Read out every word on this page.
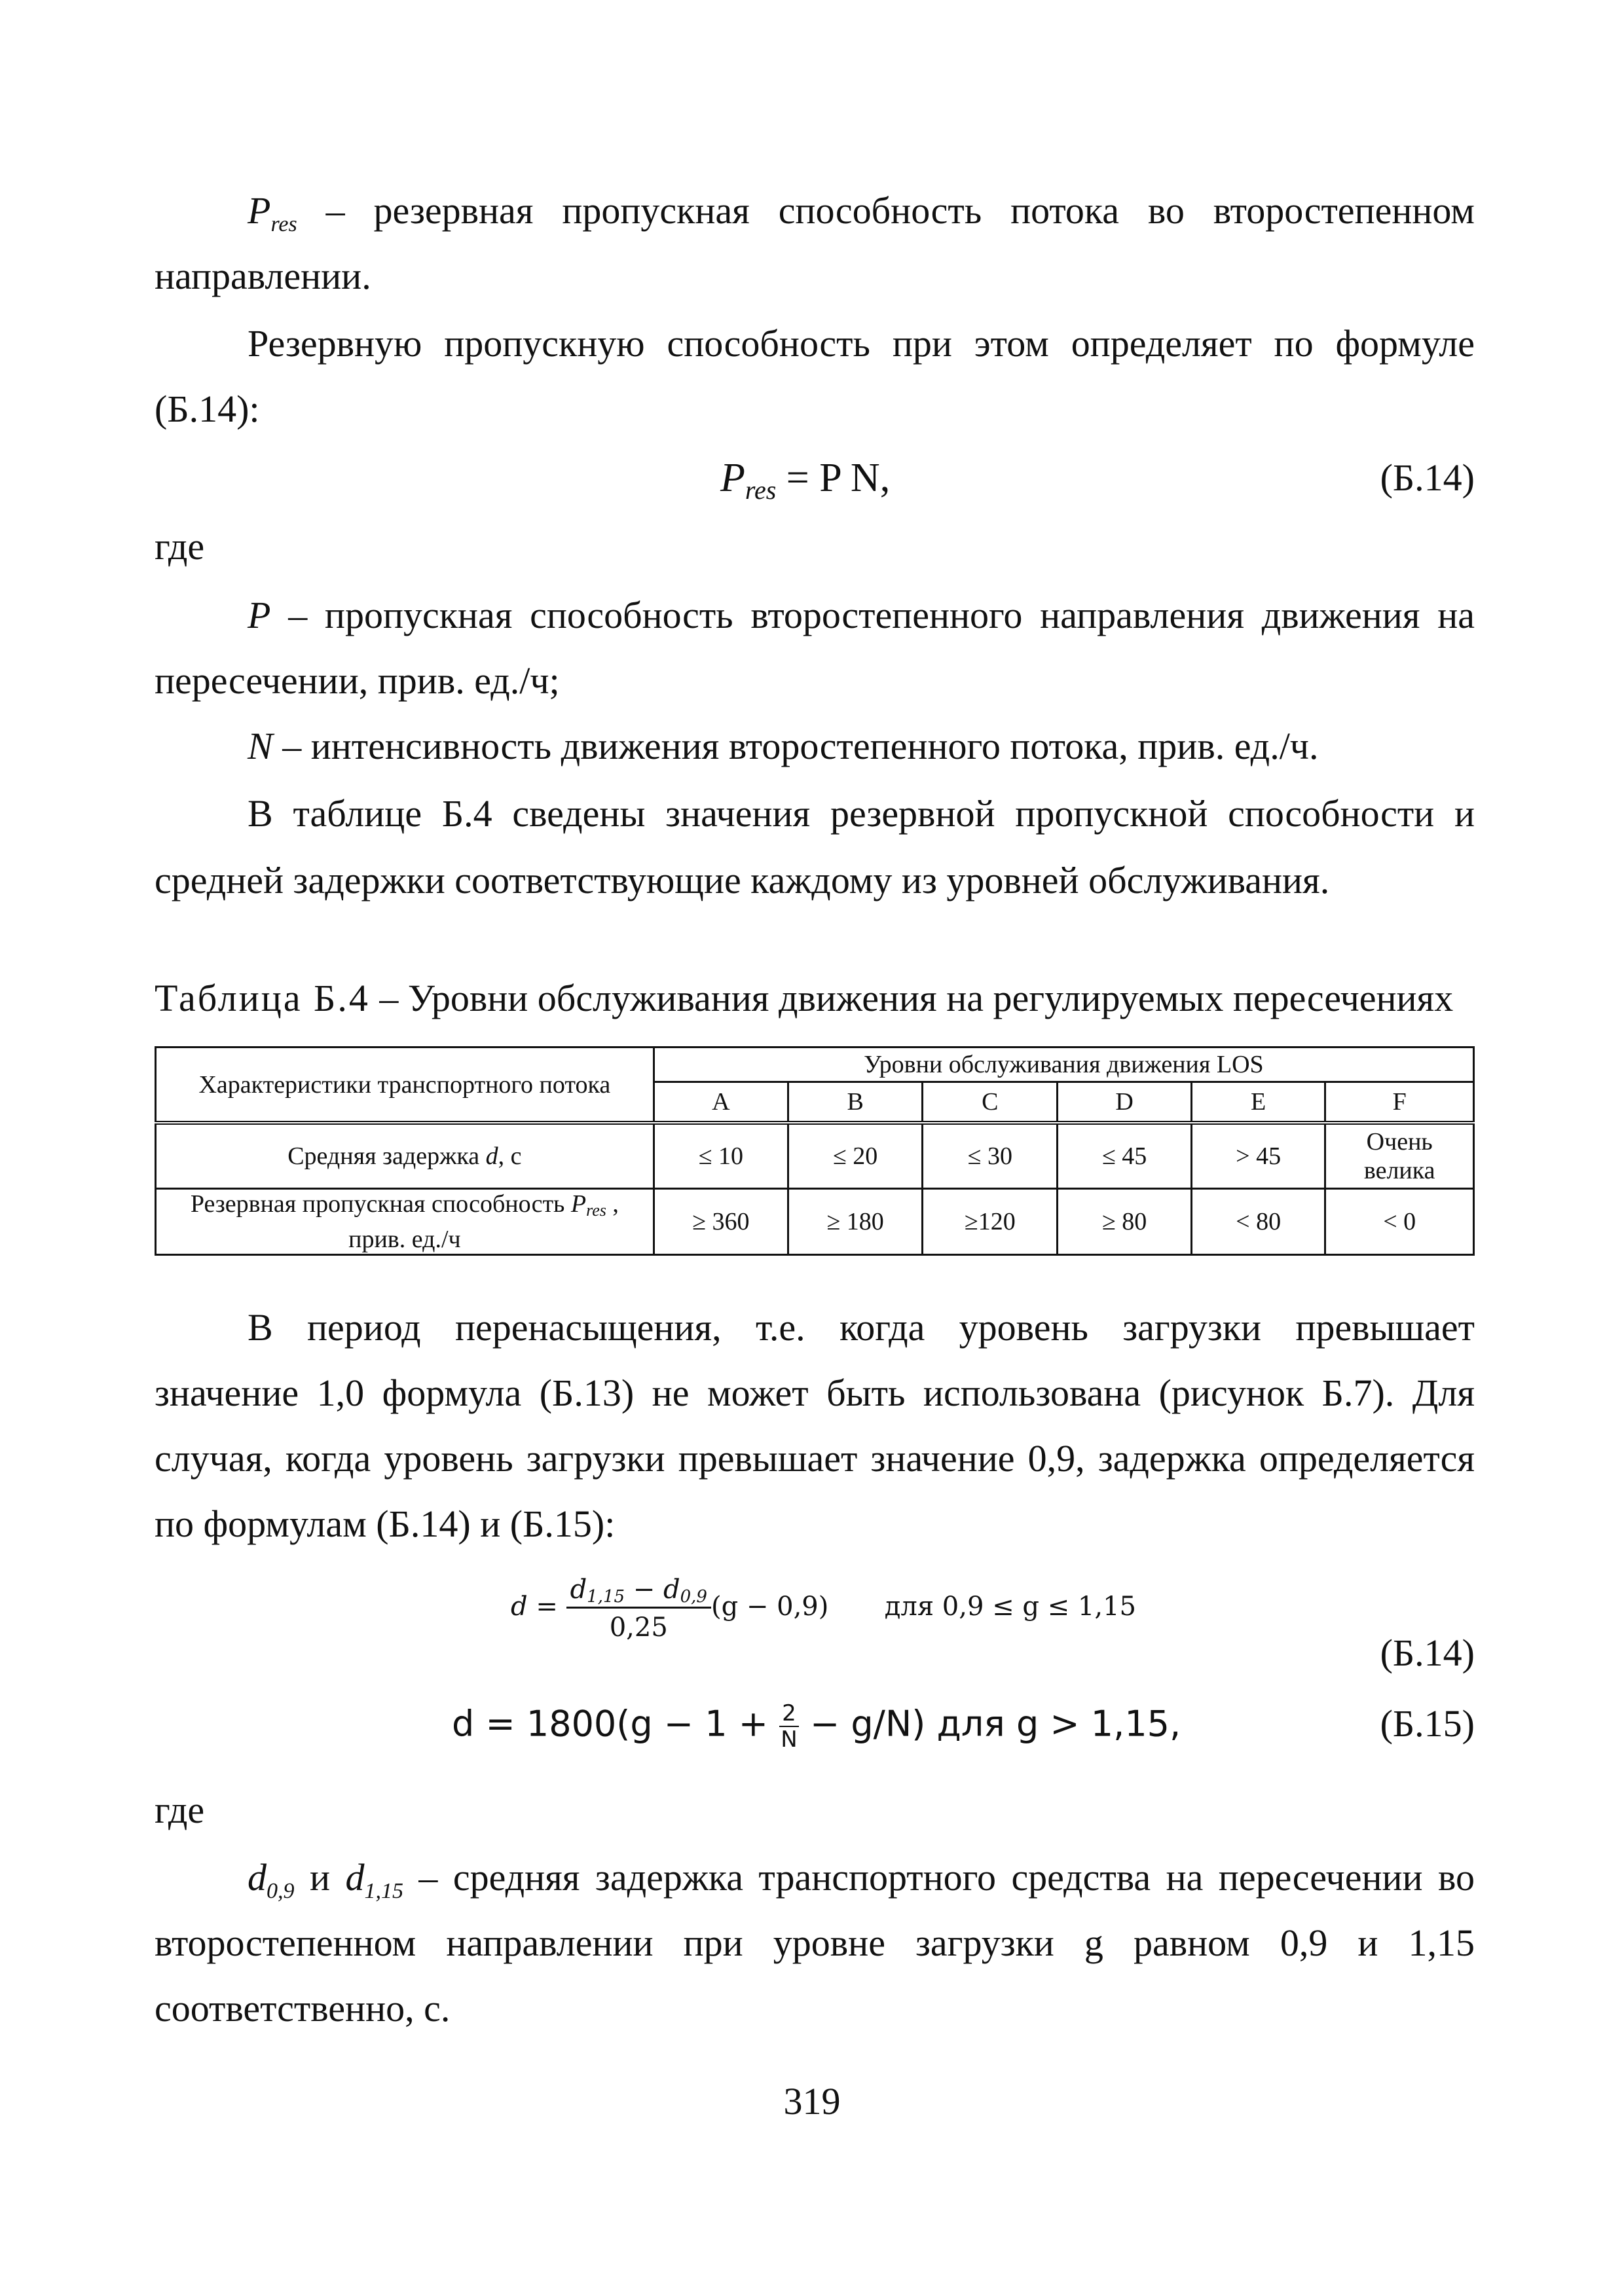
$P_{res}$ – резервная пропускная способность потока во второстепенном
направлении.
Резервную пропускную способность при этом определяет по формуле
(Б.14):
$P_{res} = P$ N,	(Б.14)
где
P – пропускная способность второстепенного направления движения на
пересечении, прив. ед./ч;
N – интенсивность движения второстепенного потока, прив. ед./ч.
В таблице Б.4 сведены значения резервной пропускной способности и
средней задержки соответствующие каждому из уровней обслуживания.
Таблица Б.4 – Уровни обслуживания движения на регулируемых пересечениях
Характеристики транспортного потока	Уровни обслуживания движения LOS					
	A	B	C	D	E	F
Средняя задержка d, с	≤ 10	≤ 20	≤ 30	≤ 45	> 45	Очень
велика
Резервная пропускная способность Pres ,
прив. ед./ч	≥ 360	≥ 180	≥120	≥ 80	< 80	< 0
В период перенасыщения, т.е. когда уровень загрузки превышает
значение 1,0 формула (Б.13) не может быть использована (рисунок Б.7). Для
случая, когда уровень загрузки превышает значение 0,9, задержка определяется
по формулам (Б.14) и (Б.15):
$d = \frac{d1,15 - d0,9}{0,25} (g - 0,9)$ для 0,9 ≤ g ≤ 1,15
(Б.14)
$d = 1800(g - 1 + \frac{2}{N} - g/N)$ для g > 1,15,	(Б.15)
где
$d_{0,9}$ и $d_{1,15}$ – средняя задержка транспортного средства на пересечении во
второстепенном направлении при уровне загрузки g равном 0,9 и 1,15
соответственно, с.
319
